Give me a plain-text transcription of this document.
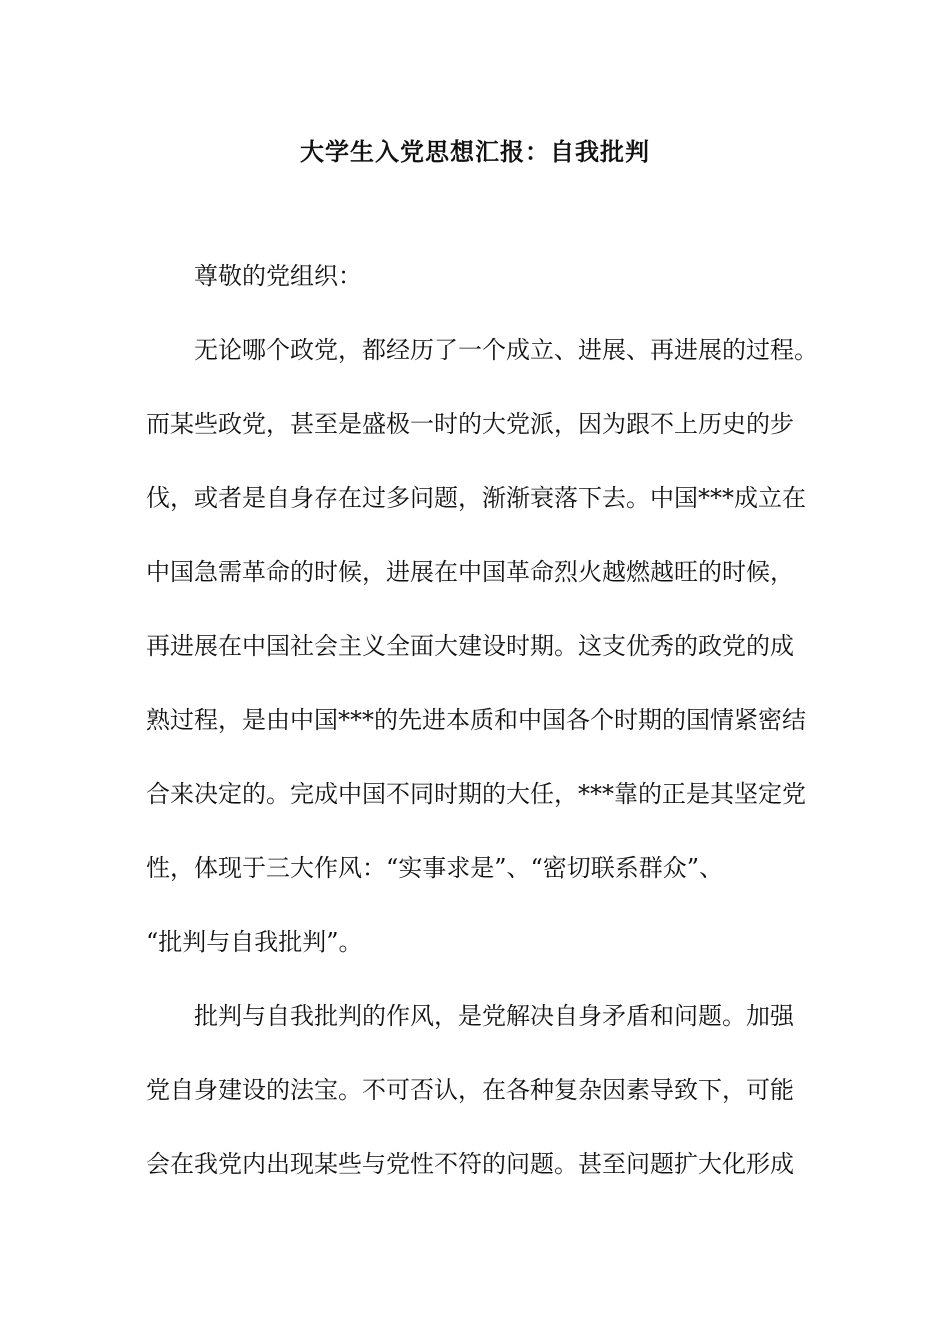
大学生入党思想汇报：自我批判
尊敬的党组织：
无论哪个政党，都经历了一个成立、进展、再进展的过程。
而某些政党，甚至是盛极一时的大党派，因为跟不上历史的步
伐，或者是自身存在过多问题，渐渐衰落下去。中国***成立在
中国急需革命的时候，进展在中国革命烈火越燃越旺的时候，
再进展在中国社会主义全面大建设时期。这支优秀的政党的成
熟过程，是由中国***的先进本质和中国各个时期的国情紧密结
合来决定的。完成中国不同时期的大任，***靠的正是其坚定党
性，体现于三大作风：“实事求是”、“密切联系群众”、
“批判与自我批判”。
批判与自我批判的作风，是党解决自身矛盾和问题。加强
党自身建设的法宝。不可否认，在各种复杂因素导致下，可能
会在我党内出现某些与党性不符的问题。甚至问题扩大化形成
